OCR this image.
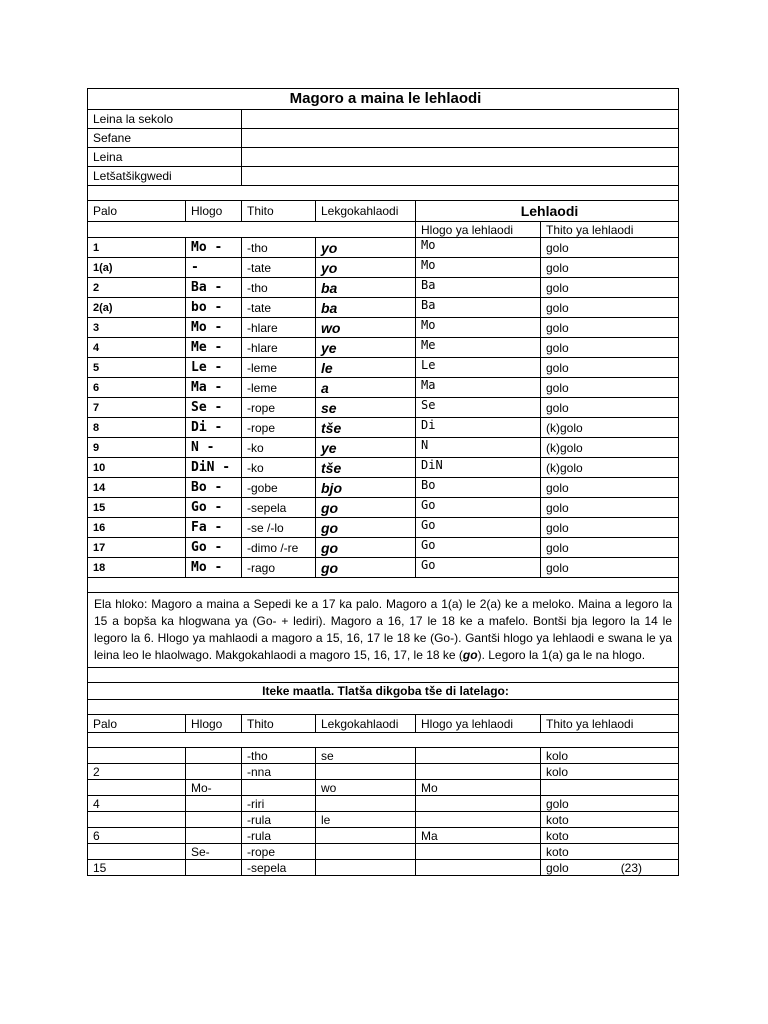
Magoro a maina le lehlaodi					
Leina la sekolo					
Sefane					
Leina					
Letšatšikgwedi					

Palo	Hlogo	Thito	Lekgokahlaodi	Lehlaodi	
				Hlogo ya lehlaodi	Thito ya lehlaodi
1	Mo -	-tho	yo	Mo	golo
1(a)	-	-tate	yo	Mo	golo
2	Ba -	-tho	ba	Ba	golo
2(a)	bo -	-tate	ba	Ba	golo
3	Mo -	-hlare	wo	Mo	golo
4	Me -	-hlare	ye	Me	golo
5	Le -	-leme	le	Le	golo
6	Ma -	-leme	a	Ma	golo
7	Se -	-rope	se	Se	golo
8	Di -	-rope	tše	Di	(k)golo
9	N -	-ko	ye	N	(k)golo
10	DiN -	-ko	tše	DiN	(k)golo
14	Bo -	-gobe	bjo	Bo	golo
15	Go -	-sepela	go	Go	golo
16	Fa -	-se /-lo	go	Go	golo
17	Go -	-dimo /-re	go	Go	golo
18	Mo -	-rago	go	Go	golo

Ela hloko: Magoro a maina a Sepedi ke a 17 ka palo. Magoro a 1(a) le 2(a) ke a meloko. Maina a legoro la 15 a bopša ka hlogwana ya (Go- + lediri). Magoro a 16, 17 le 18 ke a mafelo. Bontši bja legoro la 14 le legoro la 6. Hlogo ya mahlaodi a magoro a 15, 16, 17 le 18 ke (Go-). Gantši hlogo ya lehlaodi e swana le ya leina leo le hlaolwago. Makgokahlaodi a magoro 15, 16, 17, le 18 ke (go). Legoro la 1(a) ga le na hlogo.					

Iteke maatla. Tlatša dikgoba tše di latelago:					

Palo	Hlogo	Thito	Lekgokahlaodi	Hlogo ya lehlaodi	Thito ya lehlaodi

		-tho	se		kolo
2		-nna			kolo
	Mo-		wo	Mo	
4		-riri			golo
		-rula	le		koto
6		-rula		Ma	koto
	Se-	-rope			koto
15		-sepela			golo (23)
